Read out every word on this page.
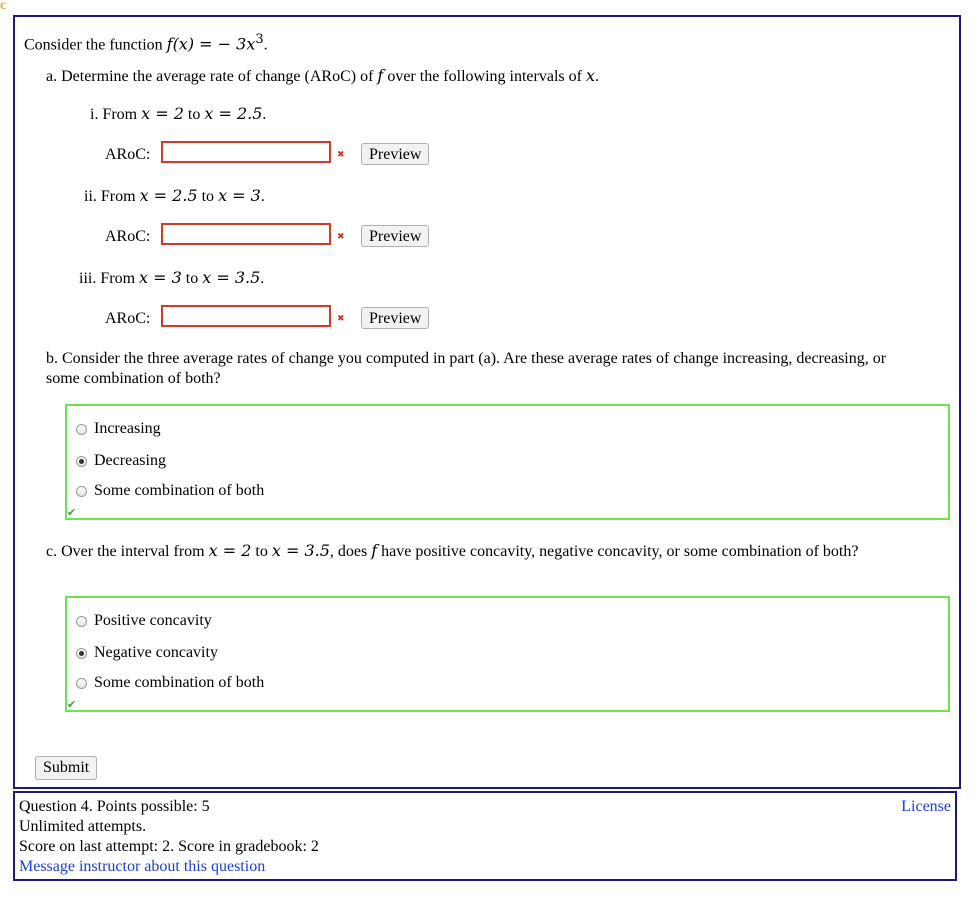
c
Consider the function f(x) = − $3x^3$.
a. Determine the average rate of change (ARoC) of f over the following intervals of x.
i. From x = 2 to x = 2.5.
ARoC:	✖	Preview
ii. From x = 2.5 to x = 3.
ARoC:	✖	Preview
iii. From x = 3 to x = 3.5.
ARoC:	✖	Preview
b. Consider the three average rates of change you computed in part (a). Are these average rates of change increasing, decreasing, or some combination of both?
Increasing
Decreasing
Some combination of both
✔
c. Over the interval from x = 2 to x = 3.5, does f have positive concavity, negative concavity, or some combination of both?
Positive concavity
Negative concavity
Some combination of both
✔
Submit
Question 4. Points possible: 5
Unlimited attempts.
Score on last attempt: 2. Score in gradebook: 2
Message instructor about this question
License
